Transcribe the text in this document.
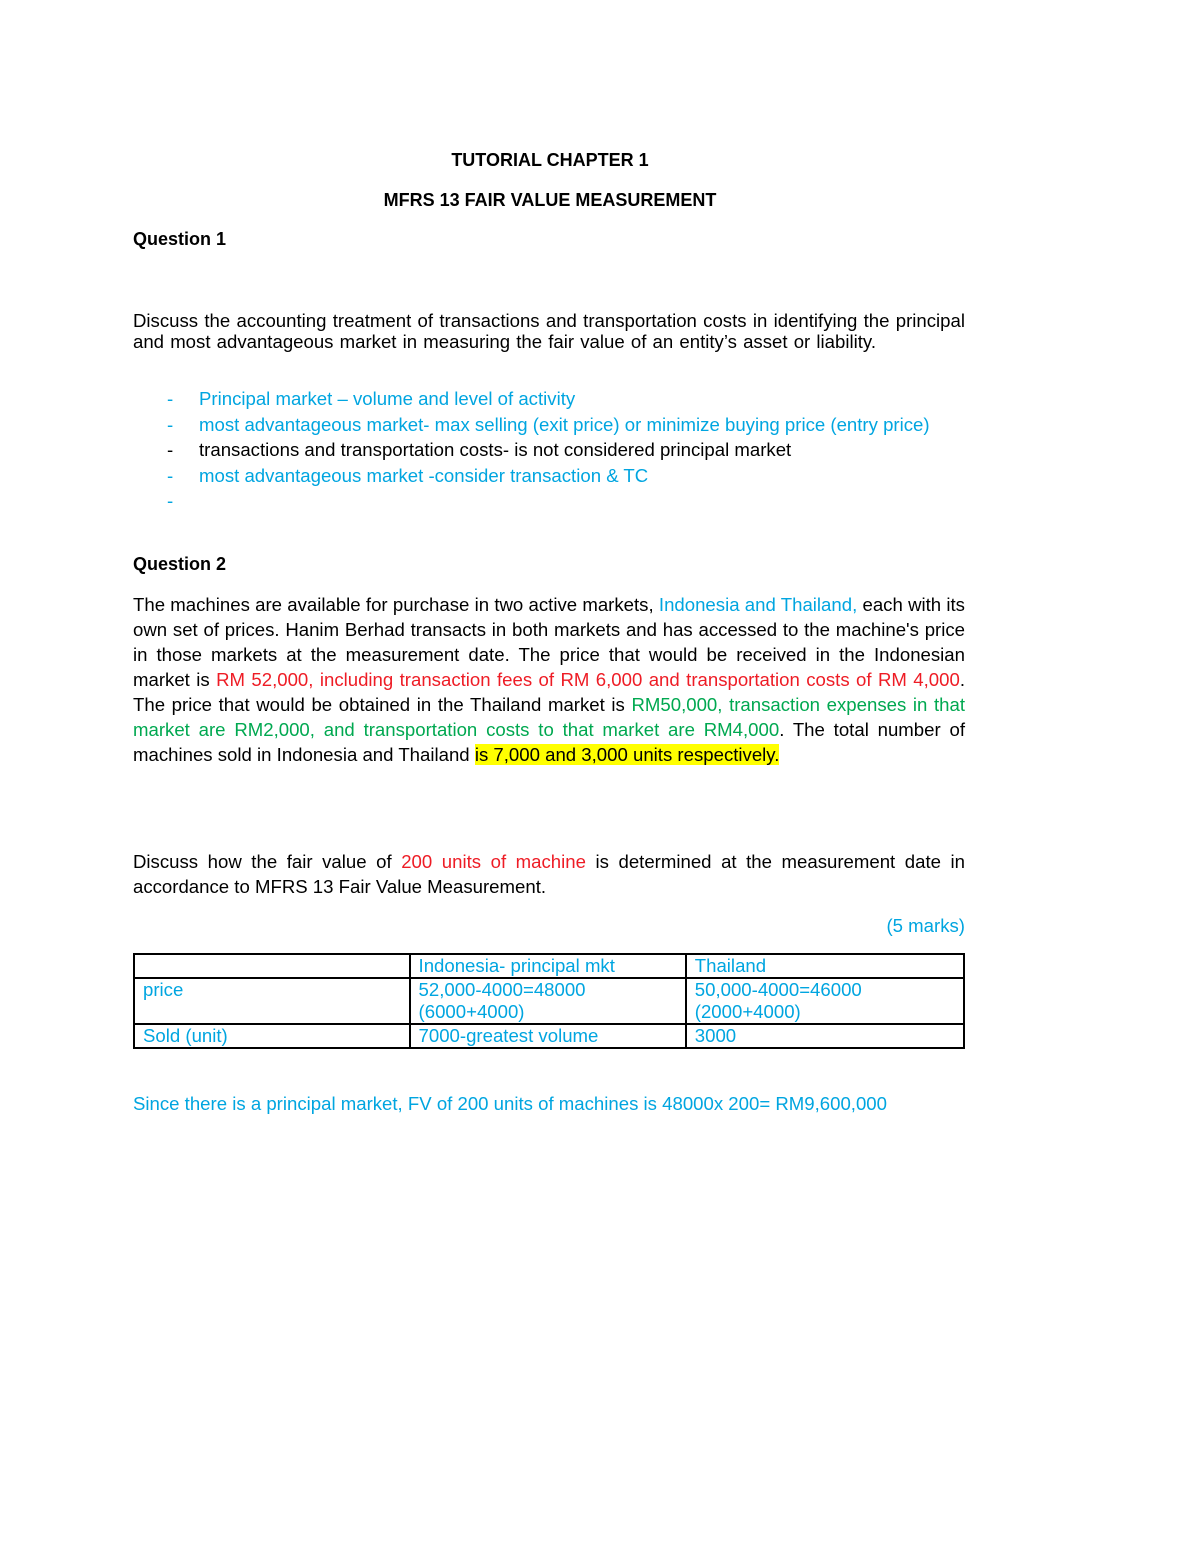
TUTORIAL CHAPTER 1
MFRS 13 FAIR VALUE MEASUREMENT
Question 1
Discuss the accounting treatment of transactions and transportation costs in identifying the principal and most advantageous market in measuring the fair value of an entity’s asset or liability.
- Principal market – volume and level of activity
- most advantageous market- max selling (exit price) or minimize buying price (entry price)
- transactions and transportation costs- is not considered principal market
- most advantageous market -consider transaction & TC
-
Question 2
The machines are available for purchase in two active markets, Indonesia and Thailand, each with its own set of prices. Hanim Berhad transacts in both markets and has accessed to the machine's price in those markets at the measurement date. The price that would be received in the Indonesian market is RM 52,000, including transaction fees of RM 6,000 and transportation costs of RM 4,000. The price that would be obtained in the Thailand market is RM50,000, transaction expenses in that market are RM2,000, and transportation costs to that market are RM4,000. The total number of machines sold in Indonesia and Thailand is 7,000 and 3,000 units respectively.
Discuss how the fair value of 200 units of machine is determined at the measurement date in accordance to MFRS 13 Fair Value Measurement.
(5 marks)
	Indonesia- principal mkt	Thailand
price	52,000-4000=48000 (6000+4000)	50,000-4000=46000 (2000+4000)
Sold (unit)	7000-greatest volume	3000
Since there is a principal market, FV of 200 units of machines is 48000x 200= RM9,600,000
